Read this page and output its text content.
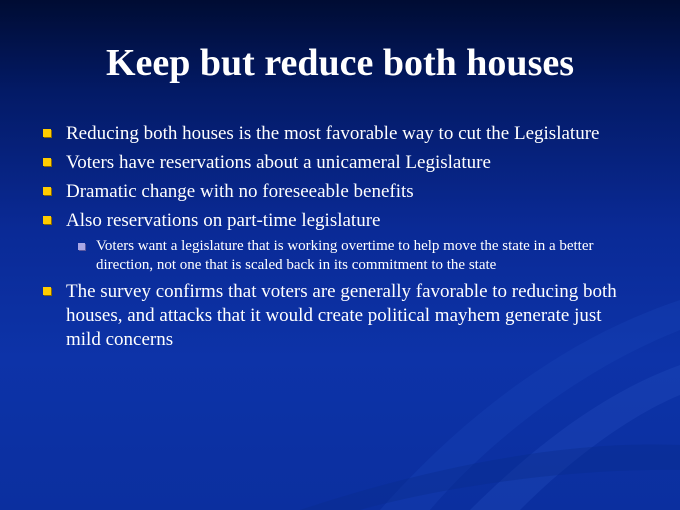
Keep but reduce both houses
Reducing both houses is the most favorable way to cut the Legislature
Voters have reservations about a unicameral Legislature
Dramatic change with no foreseeable benefits
Also reservations on part-time legislature
Voters want a legislature that is working overtime to help move the state in a better direction, not one that is scaled back in its commitment to the state
The survey confirms that voters are generally favorable to reducing both houses, and attacks that it would create political mayhem generate just mild concerns
